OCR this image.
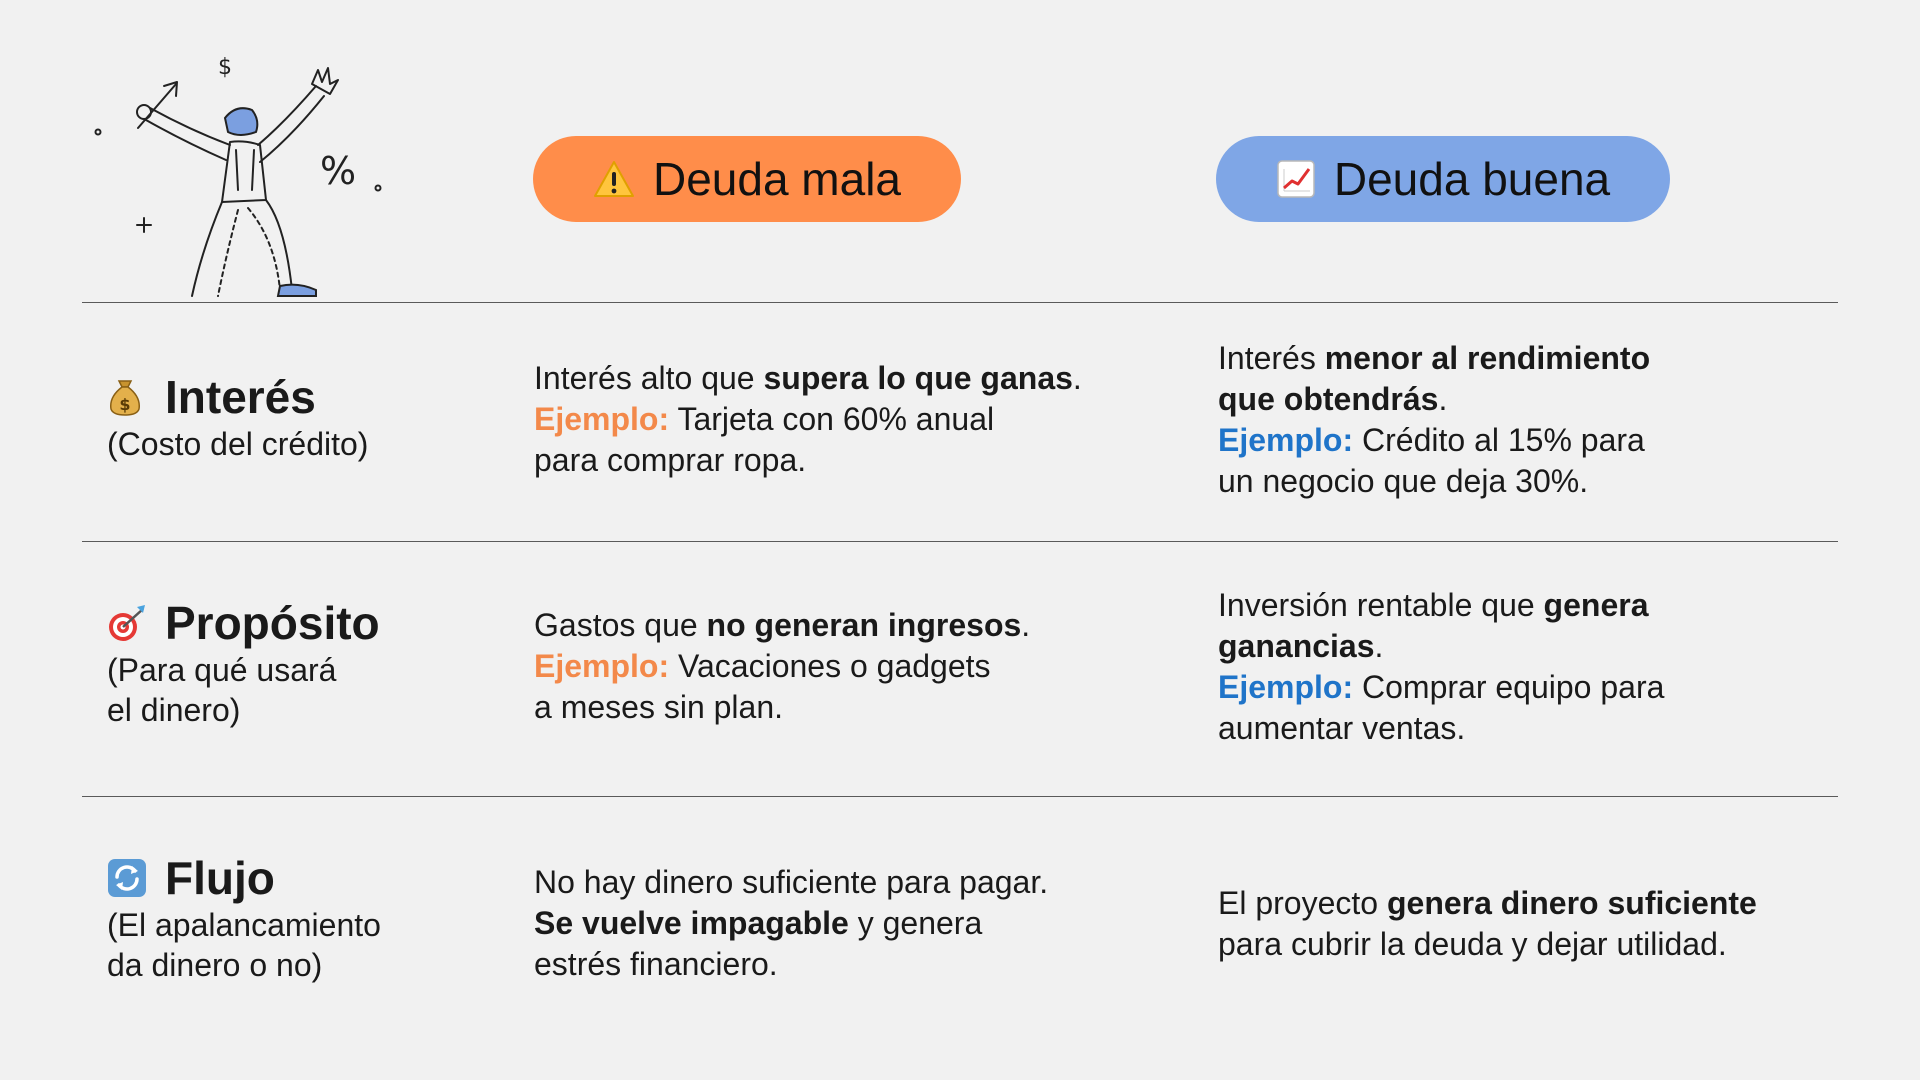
$
%	Deuda mala	Deuda buena
$ Interés
(Costo del crédito)
Interés alto que supera lo que ganas.
Ejemplo: Tarjeta con 60% anual
para comprar ropa.
Interés menor al rendimiento
que obtendrás.
Ejemplo: Crédito al 15% para
un negocio que deja 30%.
Propósito
(Para qué usará
el dinero)
Gastos que no generan ingresos.
Ejemplo: Vacaciones o gadgets
a meses sin plan.
Inversión rentable que genera
ganancias.
Ejemplo: Comprar equipo para
aumentar ventas.
Flujo
(El apalancamiento
da dinero o no)
No hay dinero suficiente para pagar.
Se vuelve impagable y genera
estrés financiero.
El proyecto genera dinero suficiente
para cubrir la deuda y dejar utilidad.
